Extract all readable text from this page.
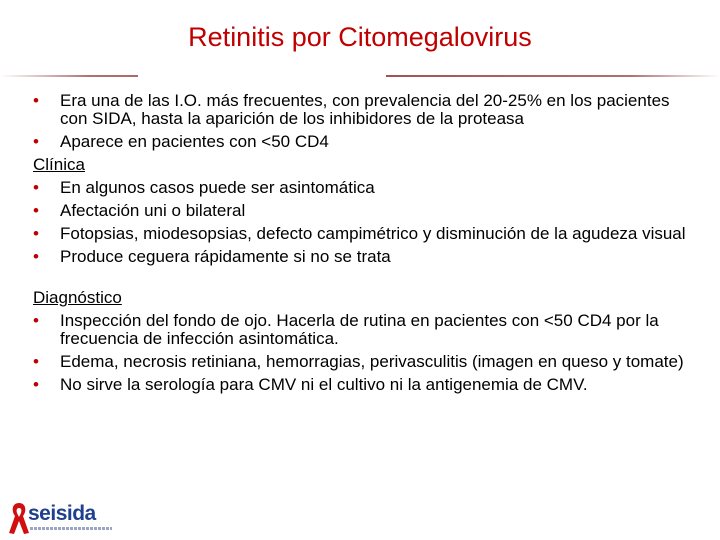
Retinitis por Citomegalovirus
• Era una de las I.O. más frecuentes, con prevalencia del 20-25% en los pacientes con SIDA, hasta la aparición de los inhibidores de la proteasa
• Aparece en pacientes con <50 CD4
Clínica
• En algunos casos puede ser asintomática
• Afectación uni o bilateral
• Fotopsias, miodesopsias, defecto campimétrico y disminución de la agudeza visual
• Produce ceguera rápidamente si no se trata
Diagnóstico
• Inspección del fondo de ojo. Hacerla de rutina en pacientes con <50 CD4 por la frecuencia de infección asintomática.
• Edema, necrosis retiniana, hemorragias, perivasculitis (imagen en queso y tomate)
• No sirve la serología para CMV ni el cultivo ni la antigenemia de CMV.
seisida
